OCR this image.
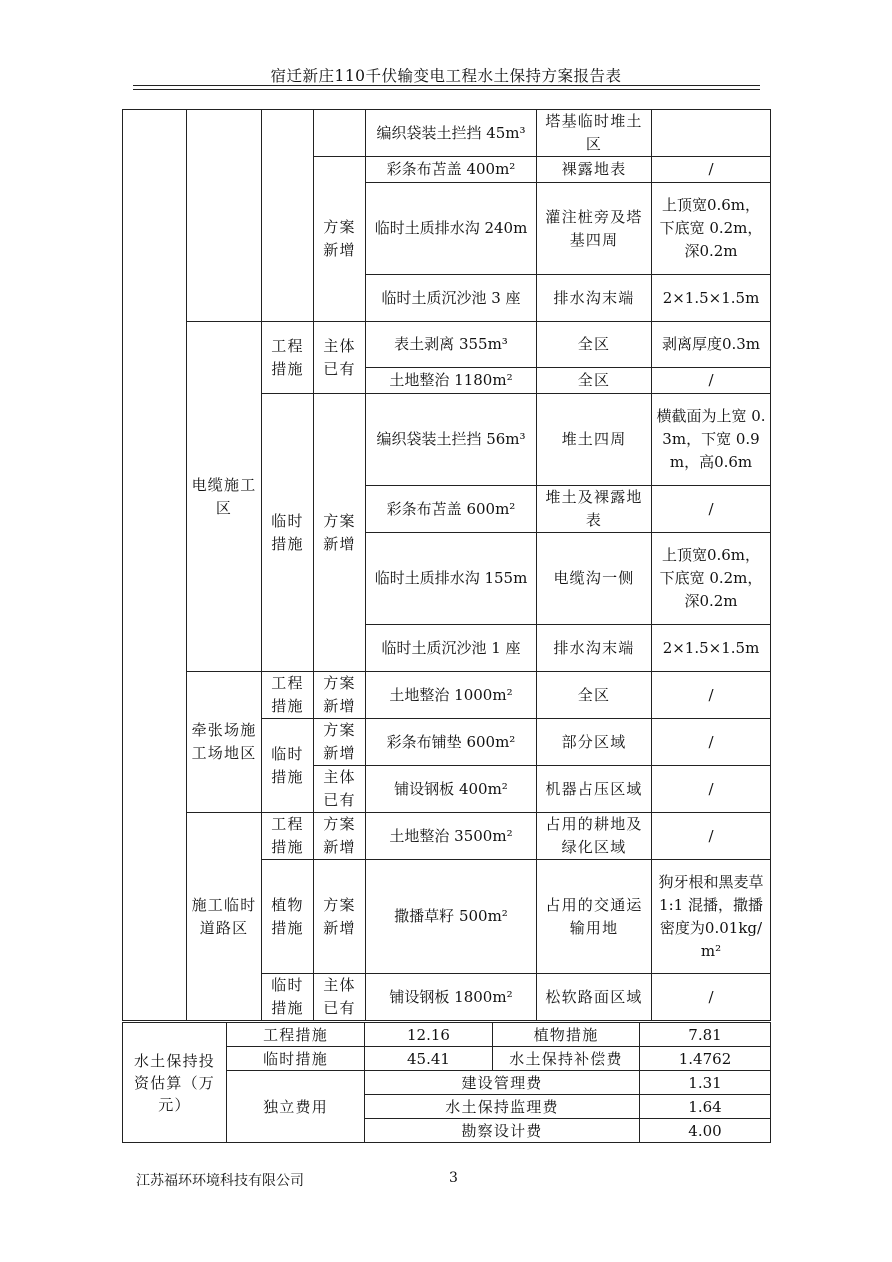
宿迁新庄110千伏输变电工程水土保持方案报告表
				编织袋装土拦挡 45m³	塔基临时堆土区	
			方案新增	彩条布苫盖 400m²	裸露地表	/
				临时土质排水沟 240m	灌注桩旁及塔基四周	上顶宽0.6m，下底宽 0.2m，深0.2m
				临时土质沉沙池 3 座	排水沟末端	2×1.5×1.5m

	电缆施工区	工程措施	主体已有	表土剥离 355m³	全区	剥离厚度0.3m
				土地整治 1180m²	全区	/
		临时措施	方案新增	编织袋装土拦挡 56m³	堆土四周	横截面为上宽 0.3m，下宽 0.9m，高0.6m
				彩条布苫盖 600m²	堆土及裸露地表	/
				临时土质排水沟 155m	电缆沟一侧	上顶宽0.6m，下底宽 0.2m，深0.2m
				临时土质沉沙池 1 座	排水沟末端	2×1.5×1.5m
	牵张场施工场地区	工程措施	方案新增	土地整治 1000m²	全区	/
		临时措施	方案新增	彩条布铺垫 600m²	部分区域	/
			主体已有	铺设钢板 400m²	机器占压区域	/
	施工临时道路区	工程措施	方案新增	土地整治 3500m²	占用的耕地及绿化区域	/
		植物措施	方案新增	撒播草籽 500m²	占用的交通运输用地	狗牙根和黑麦草 1:1 混播，撒播密度为0.01kg/m²
		临时措施	主体已有	铺设钢板 1800m²	松软路面区域	/
水土保持投资估算（万元）	工程措施	12.16	植物措施	7.81
	临时措施	45.41	水土保持补偿费	1.4762
	独立费用	建设管理费		1.31
		水土保持监理费		1.64
		勘察设计费		4.00
江苏福环环境科技有限公司	3
